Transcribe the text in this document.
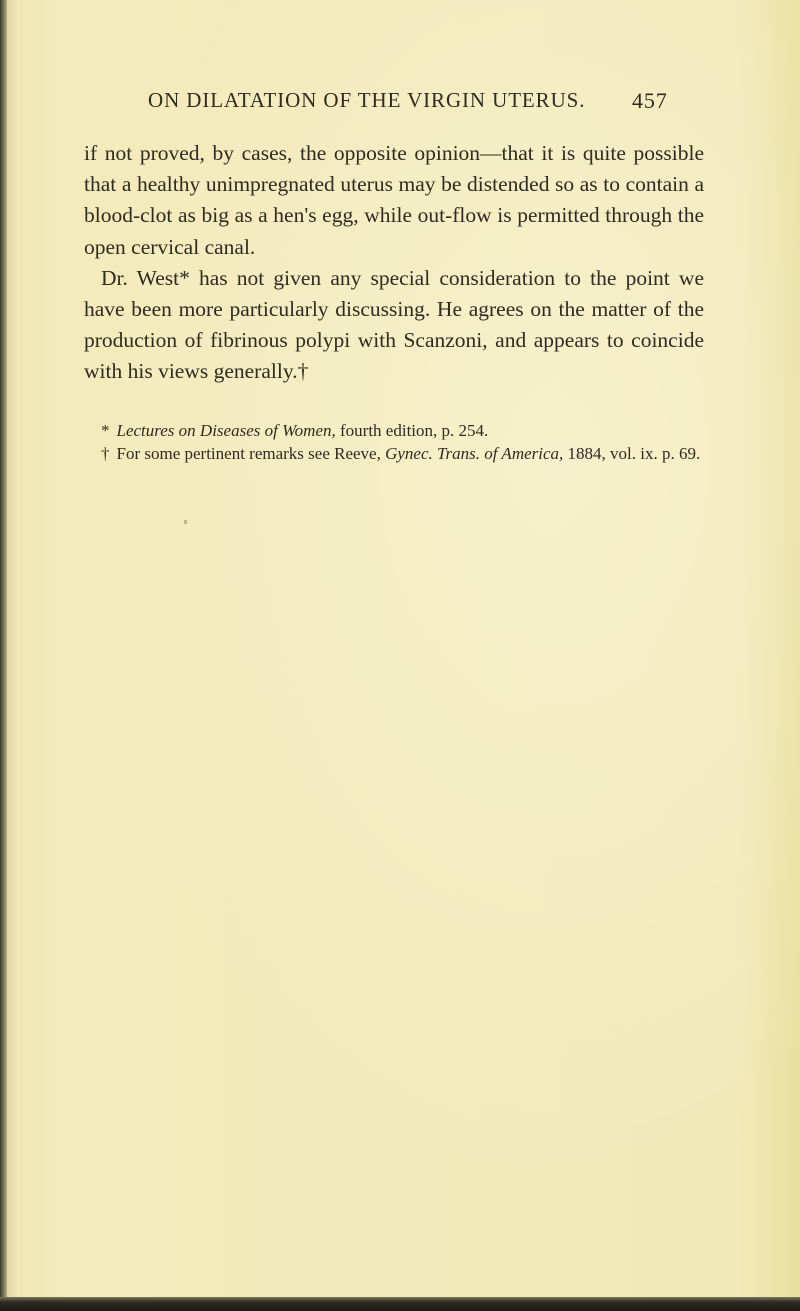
ON DILATATION OF THE VIRGIN UTERUS. 457

if not proved, by cases, the opposite opinion—that it is quite possible that a healthy unimpregnated uterus may be distended so as to contain a blood-clot as big as a hen's egg, while out-flow is permitted through the open cervical canal.

Dr. West* has not given any special consideration to the point we have been more particularly discussing. He agrees on the matter of the production of fibrinous polypi with Scanzoni, and appears to coincide with his views generally.†

* Lectures on Diseases of Women, fourth edition, p. 254.

† For some pertinent remarks see Reeve, Gynec. Trans. of America, 1884, vol. ix. p. 69.
